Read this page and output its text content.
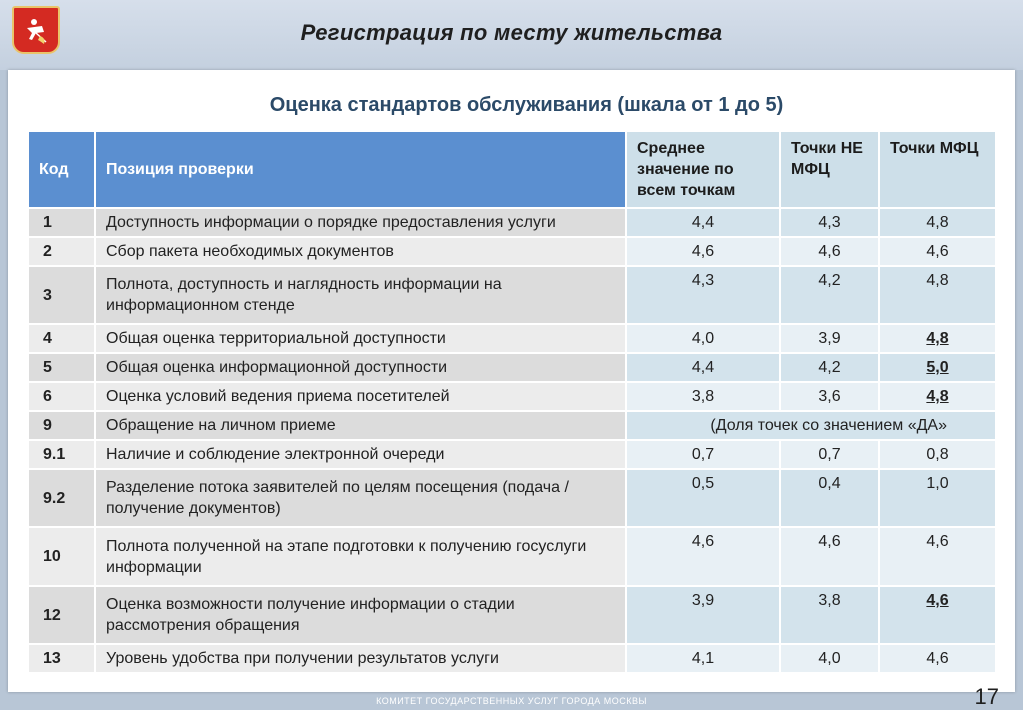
Регистрация по месту жительства
Оценка стандартов обслуживания (шкала от 1 до 5)
Код	Позиция проверки	Среднее значение по всем точкам	Точки НЕ МФЦ	Точки МФЦ
1	Доступность информации о порядке предоставления услуги	4,4	4,3	4,8
2	Сбор пакета необходимых документов	4,6	4,6	4,6
3	Полнота, доступность и наглядность информации на информационном стенде	4,3	4,2	4,8
4	Общая оценка территориальной доступности	4,0	3,9	4,8
5	Общая оценка информационной доступности	4,4	4,2	5,0
6	Оценка условий ведения приема посетителей	3,8	3,6	4,8
9	Обращение на личном приеме	(Доля точек со значением «ДА»		
9.1	Наличие и соблюдение электронной очереди	0,7	0,7	0,8
9.2	Разделение потока заявителей по целям посещения (подача / получение документов)	0,5	0,4	1,0
10	Полнота полученной на этапе подготовки к получению госуслуги информации	4,6	4,6	4,6
12	Оценка возможности получение информации о стадии рассмотрения обращения	3,9	3,8	4,6
13	Уровень удобства при получении результатов услуги	4,1	4,0	4,6
КОМИТЕТ ГОСУДАРСТВЕННЫХ УСЛУГ ГОРОДА МОСКВЫ	17
